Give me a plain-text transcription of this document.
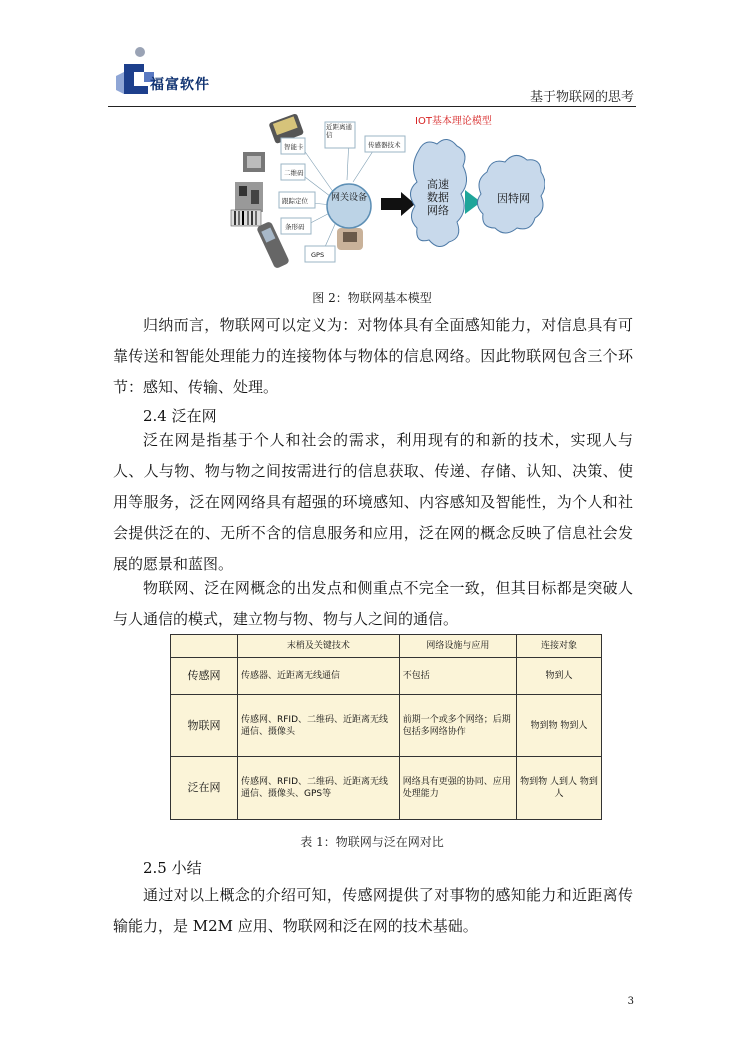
福富软件
基于物联网的思考
智能卡
二维码
跟踪定位
条形码
GPS
近距离通信
传感器技术
网关设备
IOT基本理论模型
高速数据网络
因特网
图 2：物联网基本模型
归纳而言，物联网可以定义为：对物体具有全面感知能力，对信息具有可靠传送和智能处理能力的连接物体与物体的信息网络。因此物联网包含三个环节：感知、传输、处理。
2.4 泛在网
泛在网是指基于个人和社会的需求，利用现有的和新的技术，实现人与人、人与物、物与物之间按需进行的信息获取、传递、存储、认知、决策、使用等服务，泛在网网络具有超强的环境感知、内容感知及智能性，为个人和社会提供泛在的、无所不含的信息服务和应用，泛在网的概念反映了信息社会发展的愿景和蓝图。
物联网、泛在网概念的出发点和侧重点不完全一致，但其目标都是突破人与人通信的模式，建立物与物、物与人之间的通信。
	末梢及关键技术	网络设施与应用	连接对象
传感网	传感器、近距离无线通信	不包括	物到人
物联网	传感网、RFID、二维码、近距离无线通信、摄像头	前期一个或多个网络；后期包括多网络协作	物到物 物到人
泛在网	传感网、RFID、二维码、近距离无线通信、摄像头、GPS等	网络具有更强的协同、应用处理能力	物到物 人到人 物到人
表 1：物联网与泛在网对比
2.5 小结
通过对以上概念的介绍可知，传感网提供了对事物的感知能力和近距离传输能力，是 M2M 应用、物联网和泛在网的技术基础。
3
